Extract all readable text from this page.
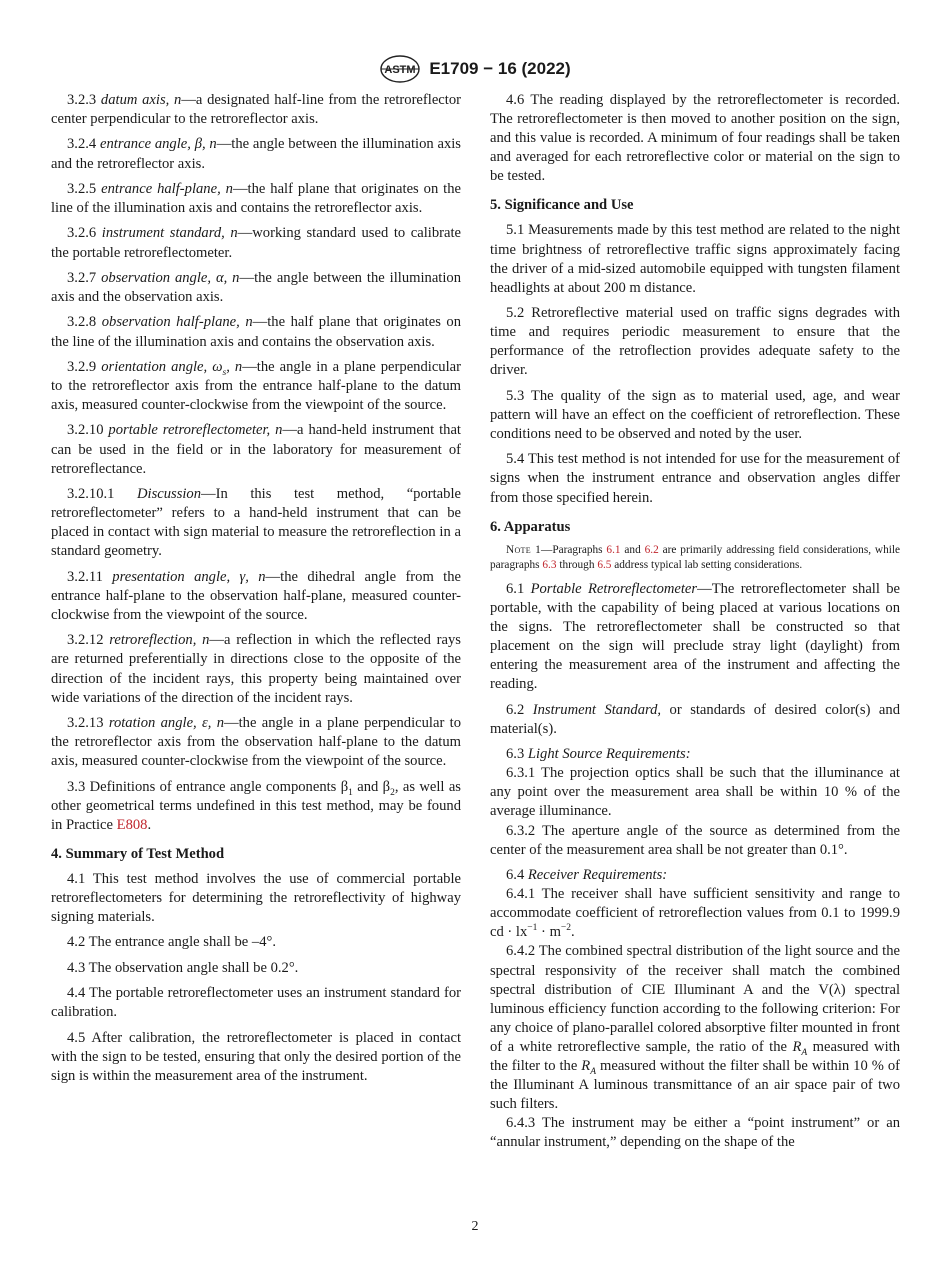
ASTM E1709 − 16 (2022)

3.2.3 datum axis, n—a designated half-line from the retroreflector center perpendicular to the retroreflector axis.

3.2.4 entrance angle, β, n—the angle between the illumination axis and the retroreflector axis.

3.2.5 entrance half-plane, n—the half plane that originates on the line of the illumination axis and contains the retroreflector axis.

3.2.6 instrument standard, n—working standard used to calibrate the portable retroreflectometer.

3.2.7 observation angle, α, n—the angle between the illumination axis and the observation axis.

3.2.8 observation half-plane, n—the half plane that originates on the line of the illumination axis and contains the observation axis.

3.2.9 orientation angle, $\omega_s$, n—the angle in a plane perpendicular to the retroreflector axis from the entrance half-plane to the datum axis, measured counter-clockwise from the viewpoint of the source.

3.2.10 portable retroreflectometer, n—a hand-held instrument that can be used in the field or in the laboratory for measurement of retroreflectance.

3.2.10.1 Discussion—In this test method, “portable retroreflectometer” refers to a hand-held instrument that can be placed in contact with sign material to measure the retroreflection in a standard geometry.

3.2.11 presentation angle, γ, n—the dihedral angle from the entrance half-plane to the observation half-plane, measured counter-clockwise from the viewpoint of the source.

3.2.12 retroreflection, n—a reflection in which the reflected rays are returned preferentially in directions close to the opposite of the direction of the incident rays, this property being maintained over wide variations of the direction of the incident rays.

3.2.13 rotation angle, ε, n—the angle in a plane perpendicular to the retroreflector axis from the observation half-plane to the datum axis, measured counter-clockwise from the viewpoint of the source.

3.3 Definitions of entrance angle components $\beta_1$ and $\beta_2$, as well as other geometrical terms undefined in this test method, may be found in Practice E808.

4. Summary of Test Method

4.1 This test method involves the use of commercial portable retroreflectometers for determining the retroreflectivity of highway signing materials.

4.2 The entrance angle shall be –4°.

4.3 The observation angle shall be 0.2°.

4.4 The portable retroreflectometer uses an instrument standard for calibration.

4.5 After calibration, the retroreflectometer is placed in contact with the sign to be tested, ensuring that only the desired portion of the sign is within the measurement area of the instrument.

4.6 The reading displayed by the retroreflectometer is recorded. The retroreflectometer is then moved to another position on the sign, and this value is recorded. A minimum of four readings shall be taken and averaged for each retroreflective color or material on the sign to be tested.

5. Significance and Use

5.1 Measurements made by this test method are related to the night time brightness of retroreflective traffic signs approximately facing the driver of a mid-sized automobile equipped with tungsten filament headlights at about 200 m distance.

5.2 Retroreflective material used on traffic signs degrades with time and requires periodic measurement to ensure that the performance of the retroflection provides adequate safety to the driver.

5.3 The quality of the sign as to material used, age, and wear pattern will have an effect on the coefficient of retroreflection. These conditions need to be observed and noted by the user.

5.4 This test method is not intended for use for the measurement of signs when the instrument entrance and observation angles differ from those specified herein.

6. Apparatus
Note 1—Paragraphs 6.1 and 6.2 are primarily addressing field considerations, while paragraphs 6.3 through 6.5 address typical lab setting considerations.

6.1 Portable Retroreflectometer—The retroreflectometer shall be portable, with the capability of being placed at various locations on the signs. The retroreflectometer shall be constructed so that placement on the sign will preclude stray light (daylight) from entering the measurement area of the instrument and affecting the reading.

6.2 Instrument Standard, or standards of desired color(s) and material(s).

6.3 Light Source Requirements:

6.3.1 The projection optics shall be such that the illuminance at any point over the measurement area shall be within 10 % of the average illuminance.

6.3.2 The aperture angle of the source as determined from the center of the measurement area shall be not greater than 0.1°.

6.4 Receiver Requirements:

6.4.1 The receiver shall have sufficient sensitivity and range to accommodate coefficient of retroreflection values from 0.1 to 1999.9 cd · $lx^{-1} \cdot m^{-2}$.

6.4.2 The combined spectral distribution of the light source and the spectral responsivity of the receiver shall match the combined spectral distribution of CIE Illuminant A and the V(λ) spectral luminous efficiency function according to the following criterion: For any choice of plano-parallel colored absorptive filter mounted in front of a white retroreflective sample, the ratio of the $R_A$ measured with the filter to the $R_A$ measured without the filter shall be within 10 % of the Illuminant A luminous transmittance of an air space pair of two such filters.

6.4.3 The instrument may be either a “point instrument” or an “annular instrument,” depending on the shape of the

2
